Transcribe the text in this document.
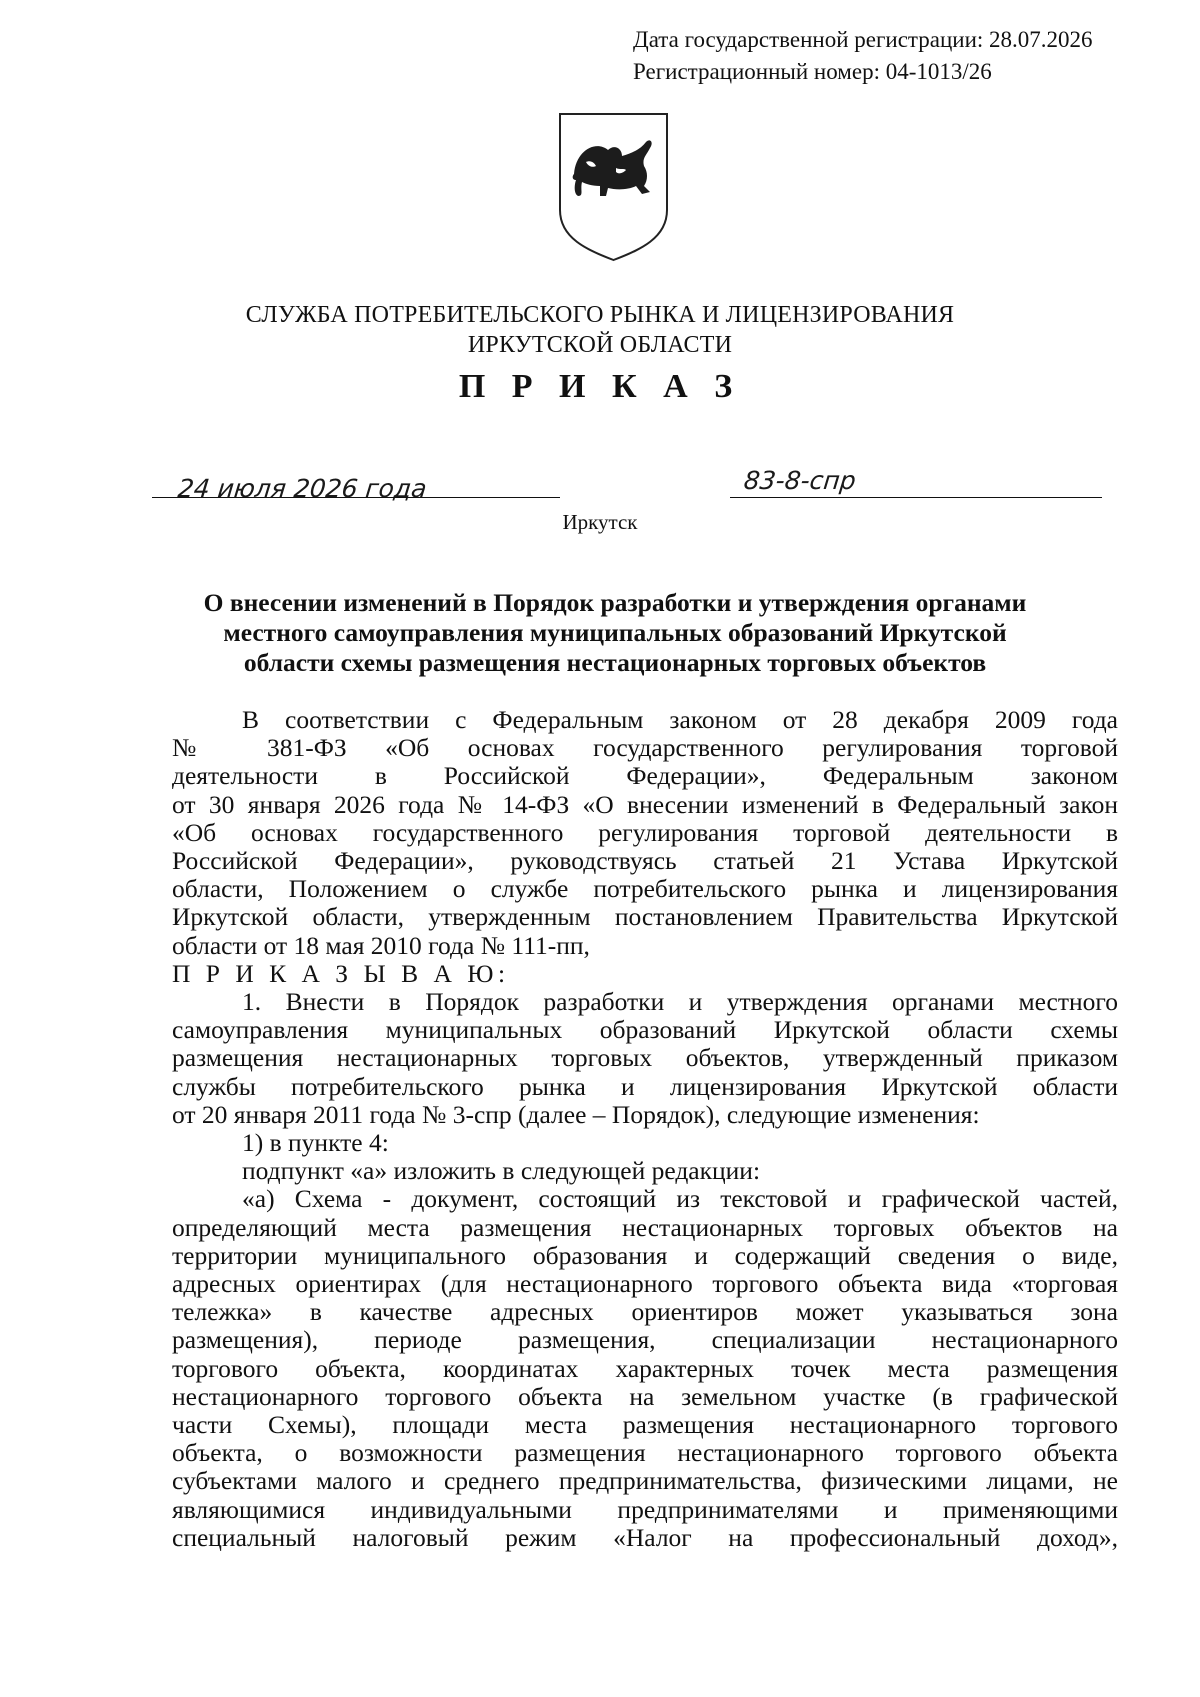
Дата государственной регистрации: 28.07.2026
Регистрационный номер: 04-1013/26
СЛУЖБА ПОТРЕБИТЕЛЬСКОГО РЫНКА И ЛИЦЕНЗИРОВАНИЯ
ИРКУТСКОЙ ОБЛАСТИ
П Р И К А З
24 июля 2026 года	83-8-спр
Иркутск
О внесении изменений в Порядок разработки и утверждения органами
местного самоуправления муниципальных образований Иркутской
области схемы размещения нестационарных торговых объектов

В соответствии с Федеральным законом от 28 декабря 2009 года

№ 381-ФЗ «Об основах государственного регулирования торговой

деятельности в Российской Федерации», Федеральным законом

от 30 января 2026 года № 14-ФЗ «О внесении изменений в Федеральный закон

«Об основах государственного регулирования торговой деятельности в

Российской Федерации», руководствуясь статьей 21 Устава Иркутской

области, Положением о службе потребительского рынка и лицензирования

Иркутской области, утвержденным постановлением Правительства Иркутской

области от 18 мая 2010 года № 111-пп,

П Р И К А З Ы В А Ю:

1. Внести в Порядок разработки и утверждения органами местного

самоуправления муниципальных образований Иркутской области схемы

размещения нестационарных торговых объектов, утвержденный приказом

службы потребительского рынка и лицензирования Иркутской области

от 20 января 2011 года № 3-спр (далее – Порядок), следующие изменения:

1) в пункте 4:

подпункт «а» изложить в следующей редакции:

«а) Схема - документ, состоящий из текстовой и графической частей,

определяющий места размещения нестационарных торговых объектов на

территории муниципального образования и содержащий сведения о виде,

адресных ориентирах (для нестационарного торгового объекта вида «торговая

тележка» в качестве адресных ориентиров может указываться зона

размещения), периоде размещения, специализации нестационарного

торгового объекта, координатах характерных точек места размещения

нестационарного торгового объекта на земельном участке (в графической

части Схемы), площади места размещения нестационарного торгового

объекта, о возможности размещения нестационарного торгового объекта

субъектами малого и среднего предпринимательства, физическими лицами, не

являющимися индивидуальными предпринимателями и применяющими

специальный налоговый режим «Налог на профессиональный доход»,
